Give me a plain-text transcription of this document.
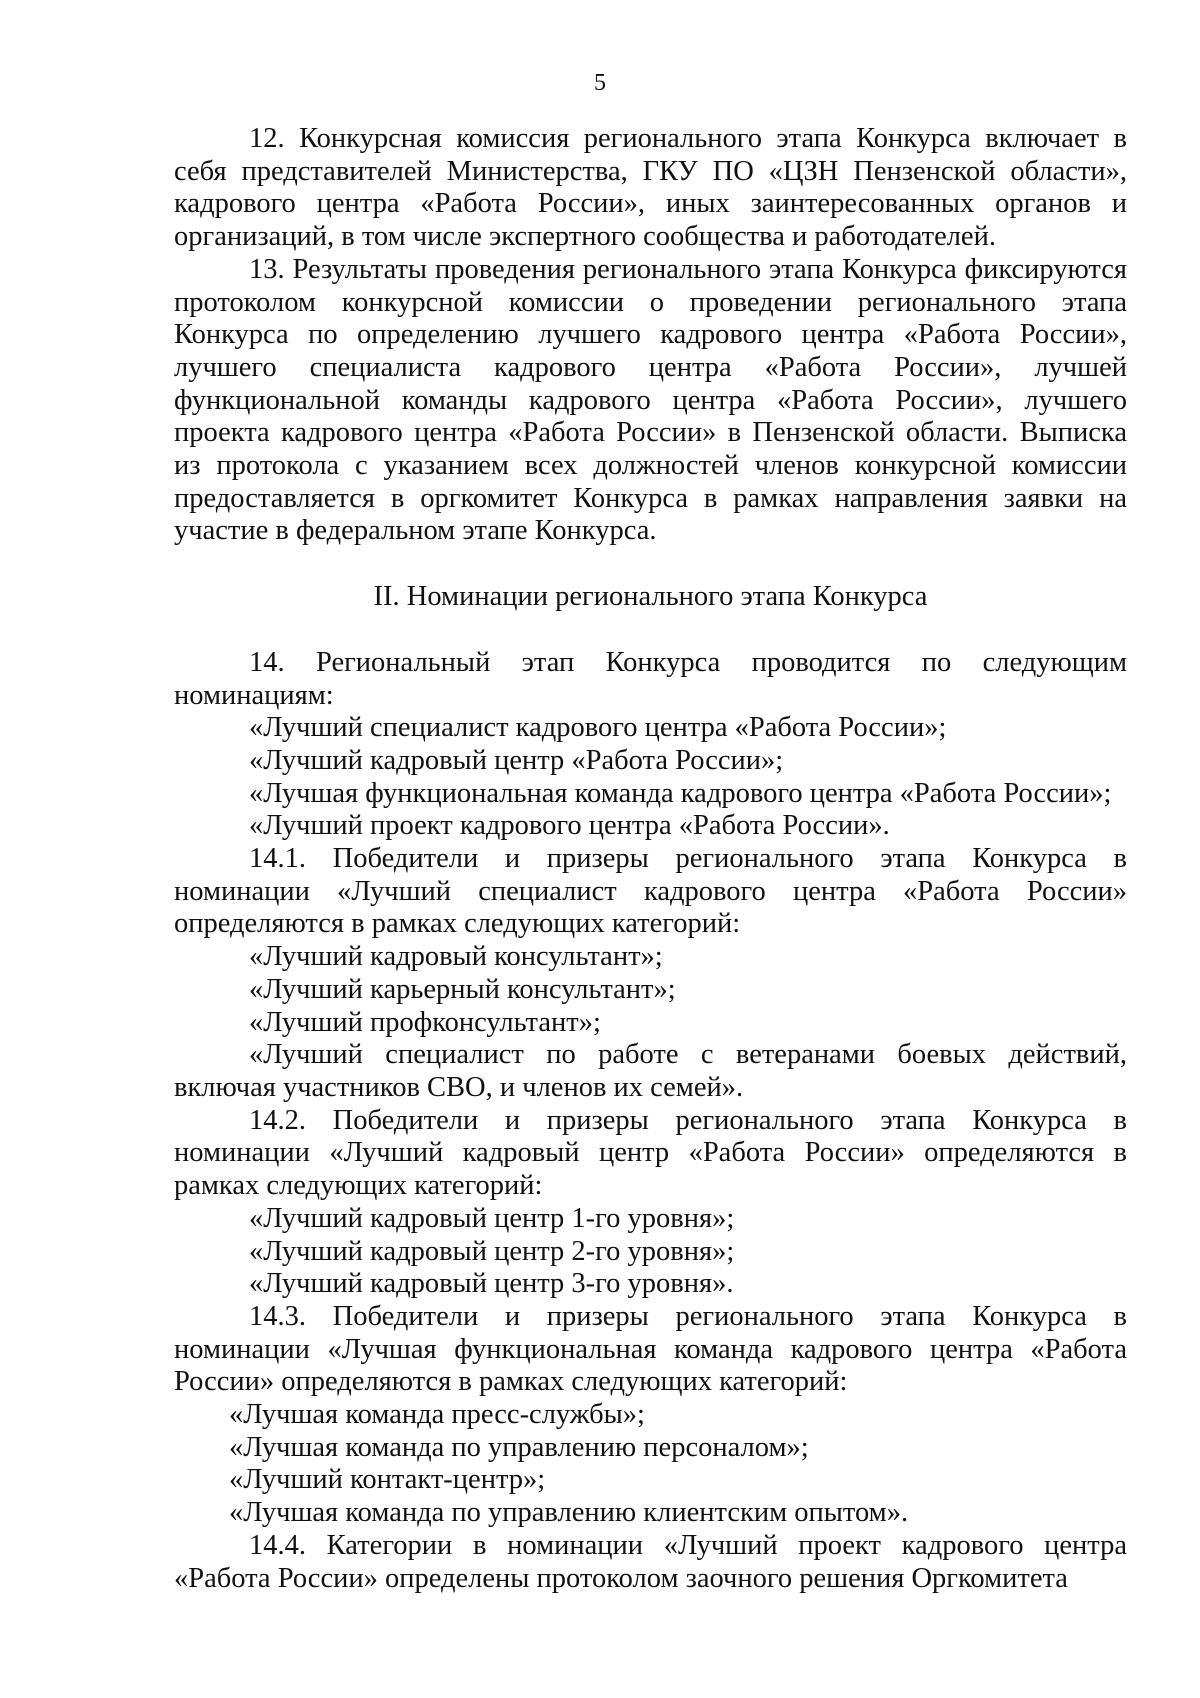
5

12. Конкурсная комиссия регионального этапа Конкурса включает в себя представителей Министерства, ГКУ ПО «ЦЗН Пензенской области», кадрового центра «Работа России», иных заинтересованных органов и организаций, в том числе экспертного сообщества и работодателей.

13. Результаты проведения регионального этапа Конкурса фиксируются протоколом конкурсной комиссии о проведении регионального этапа Конкурса по определению лучшего кадрового центра «Работа России», лучшего специалиста кадрового центра «Работа России», лучшей функциональной команды кадрового центра «Работа России», лучшего проекта кадрового центра «Работа России» в Пензенской области. Выписка из протокола с указанием всех должностей членов конкурсной комиссии предоставляется в оргкомитет Конкурса в рамках направления заявки на участие в федеральном этапе Конкурса.

II. Номинации регионального этапа Конкурса

14. Региональный этап Конкурса проводится по следующим номинациям:

«Лучший специалист кадрового центра «Работа России»;

«Лучший кадровый центр «Работа России»;

«Лучшая функциональная команда кадрового центра «Работа России»;

«Лучший проект кадрового центра «Работа России».

14.1. Победители и призеры регионального этапа Конкурса в номинации «Лучший специалист кадрового центра «Работа России» определяются в рамках следующих категорий:

«Лучший кадровый консультант»;

«Лучший карьерный консультант»;

«Лучший профконсультант»;

«Лучший специалист по работе с ветеранами боевых действий, включая участников СВО, и членов их семей».

14.2. Победители и призеры регионального этапа Конкурса в номинации «Лучший кадровый центр «Работа России» определяются в рамках следующих категорий:

«Лучший кадровый центр 1-го уровня»;

«Лучший кадровый центр 2-го уровня»;

«Лучший кадровый центр 3-го уровня».

14.3. Победители и призеры регионального этапа Конкурса в номинации «Лучшая функциональная команда кадрового центра «Работа России» определяются в рамках следующих категорий:

«Лучшая команда пресс-службы»;

«Лучшая команда по управлению персоналом»;

«Лучший контакт-центр»;

«Лучшая команда по управлению клиентским опытом».

14.4. Категории в номинации «Лучший проект кадрового центра «Работа России» определены протоколом заочного решения Оргкомитета
